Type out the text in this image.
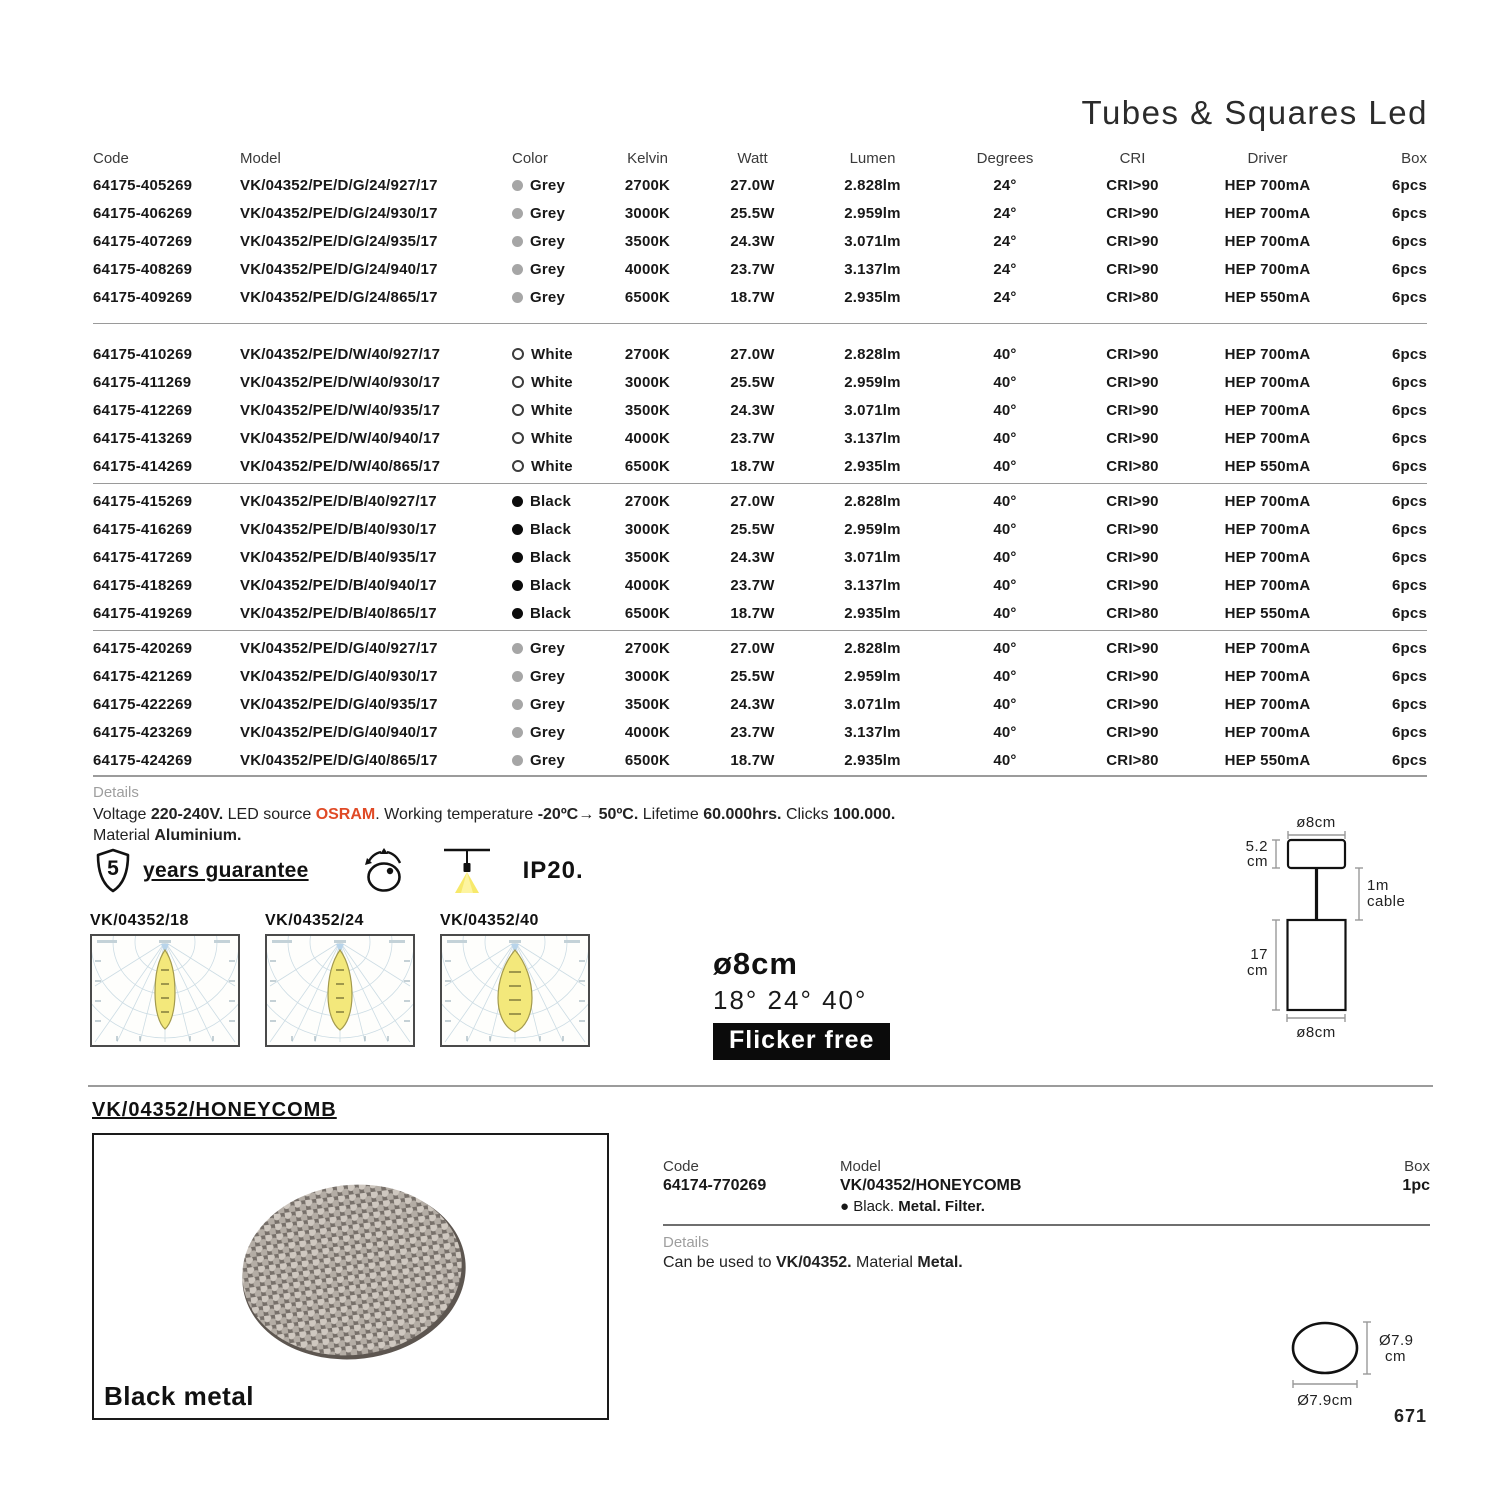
Tubes & Squares Led
Code	Model	Color	Kelvin	Watt	Lumen	Degrees	CRI	Driver	Box
64175-405269	VK/04352/PE/D/G/24/927/17	Grey	2700K	27.0W	2.828lm	24°	CRI>90	HEP 700mA	6pcs
64175-406269	VK/04352/PE/D/G/24/930/17	Grey	3000K	25.5W	2.959lm	24°	CRI>90	HEP 700mA	6pcs
64175-407269	VK/04352/PE/D/G/24/935/17	Grey	3500K	24.3W	3.071lm	24°	CRI>90	HEP 700mA	6pcs
64175-408269	VK/04352/PE/D/G/24/940/17	Grey	4000K	23.7W	3.137lm	24°	CRI>90	HEP 700mA	6pcs
64175-409269	VK/04352/PE/D/G/24/865/17	Grey	6500K	18.7W	2.935lm	24°	CRI>80	HEP 550mA	6pcs
64175-410269	VK/04352/PE/D/W/40/927/17	White	2700K	27.0W	2.828lm	40°	CRI>90	HEP 700mA	6pcs
64175-411269	VK/04352/PE/D/W/40/930/17	White	3000K	25.5W	2.959lm	40°	CRI>90	HEP 700mA	6pcs
64175-412269	VK/04352/PE/D/W/40/935/17	White	3500K	24.3W	3.071lm	40°	CRI>90	HEP 700mA	6pcs
64175-413269	VK/04352/PE/D/W/40/940/17	White	4000K	23.7W	3.137lm	40°	CRI>90	HEP 700mA	6pcs
64175-414269	VK/04352/PE/D/W/40/865/17	White	6500K	18.7W	2.935lm	40°	CRI>80	HEP 550mA	6pcs
64175-415269	VK/04352/PE/D/B/40/927/17	Black	2700K	27.0W	2.828lm	40°	CRI>90	HEP 700mA	6pcs
64175-416269	VK/04352/PE/D/B/40/930/17	Black	3000K	25.5W	2.959lm	40°	CRI>90	HEP 700mA	6pcs
64175-417269	VK/04352/PE/D/B/40/935/17	Black	3500K	24.3W	3.071lm	40°	CRI>90	HEP 700mA	6pcs
64175-418269	VK/04352/PE/D/B/40/940/17	Black	4000K	23.7W	3.137lm	40°	CRI>90	HEP 700mA	6pcs
64175-419269	VK/04352/PE/D/B/40/865/17	Black	6500K	18.7W	2.935lm	40°	CRI>80	HEP 550mA	6pcs
64175-420269	VK/04352/PE/D/G/40/927/17	Grey	2700K	27.0W	2.828lm	40°	CRI>90	HEP 700mA	6pcs
64175-421269	VK/04352/PE/D/G/40/930/17	Grey	3000K	25.5W	2.959lm	40°	CRI>90	HEP 700mA	6pcs
64175-422269	VK/04352/PE/D/G/40/935/17	Grey	3500K	24.3W	3.071lm	40°	CRI>90	HEP 700mA	6pcs
64175-423269	VK/04352/PE/D/G/40/940/17	Grey	4000K	23.7W	3.137lm	40°	CRI>90	HEP 700mA	6pcs
64175-424269	VK/04352/PE/D/G/40/865/17	Grey	6500K	18.7W	2.935lm	40°	CRI>80	HEP 550mA	6pcs
Details
Voltage 220-240V. LED source OSRAM. Working temperature -20ºC→ 50ºC. Lifetime 60.000hrs. Clicks 100.000.
Material Aluminium.
5 years guarantee	IP20.
VK/04352/18	VK/04352/24	VK/04352/40
ø8cm
18° 24° 40°
Flicker free
ø8cm
5.2
cm
1m
cable
17
cm
ø8cm
VK/04352/HONEYCOMB
Black metal
Code	Model	Box
64174-770269	VK/04352/HONEYCOMB	1pc
● Black. Metal. Filter.
Details
Can be used to VK/04352. Material Metal.
Ø7.9
cm
Ø7.9cm
671
